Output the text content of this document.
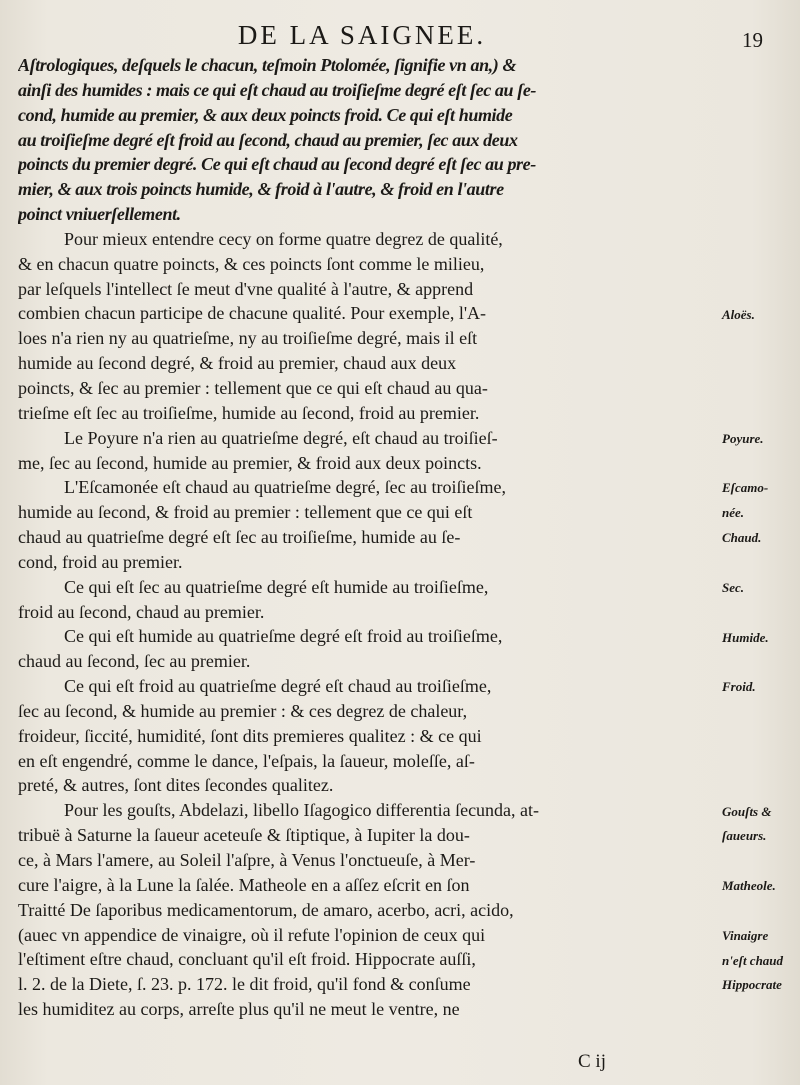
DE LA SAIGNEE.	19
Aſtrologiques, deſquels le chacun, teſmoin Ptolomée, ſignifie vn an,) &
ainſi des humides : mais ce qui eſt chaud au troiſieſme degré eſt ſec au ſe-
cond, humide au premier, & aux deux poincts froid. Ce qui eſt humide
au troiſieſme degré eſt froid au ſecond, chaud au premier, ſec aux deux
poincts du premier degré. Ce qui eſt chaud au ſecond degré eſt ſec au pre-
mier, & aux trois poincts humide, & froid à l'autre, & froid en l'autre
poinct vniuerſellement.
Pour mieux entendre cecy on forme quatre degrez de qualité,
& en chacun quatre poincts, & ces poincts ſont comme le milieu,
par leſquels l'intellect ſe meut d'vne qualité à l'autre, & apprend
combien chacun participe de chacune qualité. Pour exemple, l'A-
loes n'a rien ny au quatrieſme, ny au troiſieſme degré, mais il eſt
humide au ſecond degré, & froid au premier, chaud aux deux
poincts, & ſec au premier : tellement que ce qui eſt chaud au qua-
trieſme eſt ſec au troiſieſme, humide au ſecond, froid au premier.
Le Poyure n'a rien au quatrieſme degré, eſt chaud au troiſieſ-
me, ſec au ſecond, humide au premier, & froid aux deux poincts.
L'Eſcamonée eſt chaud au quatrieſme degré, ſec au troiſieſme,
humide au ſecond, & froid au premier : tellement que ce qui eſt
chaud au quatrieſme degré eſt ſec au troiſieſme, humide au ſe-
cond, froid au premier.
Ce qui eſt ſec au quatrieſme degré eſt humide au troiſieſme,
froid au ſecond, chaud au premier.
Ce qui eſt humide au quatrieſme degré eſt froid au troiſieſme,
chaud au ſecond, ſec au premier.
Ce qui eſt froid au quatrieſme degré eſt chaud au troiſieſme,
ſec au ſecond, & humide au premier : & ces degrez de chaleur,
froideur, ſiccité, humidité, ſont dits premieres qualitez : & ce qui
en eſt engendré, comme le dance, l'eſpais, la ſaueur, moleſſe, aſ-
preté, & autres, ſont dites ſecondes qualitez.
Pour les gouſts, Abdelazi, libello Iſagogico differentia ſecunda, at-
tribuë à Saturne la ſaueur aceteuſe & ſtiptique, à Iupiter la dou-
ce, à Mars l'amere, au Soleil l'aſpre, à Venus l'onctueuſe, à Mer-
cure l'aigre, à la Lune la ſalée. Matheole en a aſſez eſcrit en ſon
Traitté De ſaporibus medicamentorum, de amaro, acerbo, acri, acido,
(auec vn appendice de vinaigre, où il refute l'opinion de ceux qui
l'eſtiment eſtre chaud, concluant qu'il eſt froid. Hippocrate auſſi,
l. 2. de la Diete, ſ. 23. p. 172. le dit froid, qu'il fond & conſume
les humiditez au corps, arreſte plus qu'il ne meut le ventre, ne
Aloës.
Poyure.
Eſcamo-
née.
Chaud.
Sec.
Humide.
Froid.
Gouſts &
ſaueurs.
Matheole.
Vinaigre
n'eſt chaud
Hippocrate
C ij
